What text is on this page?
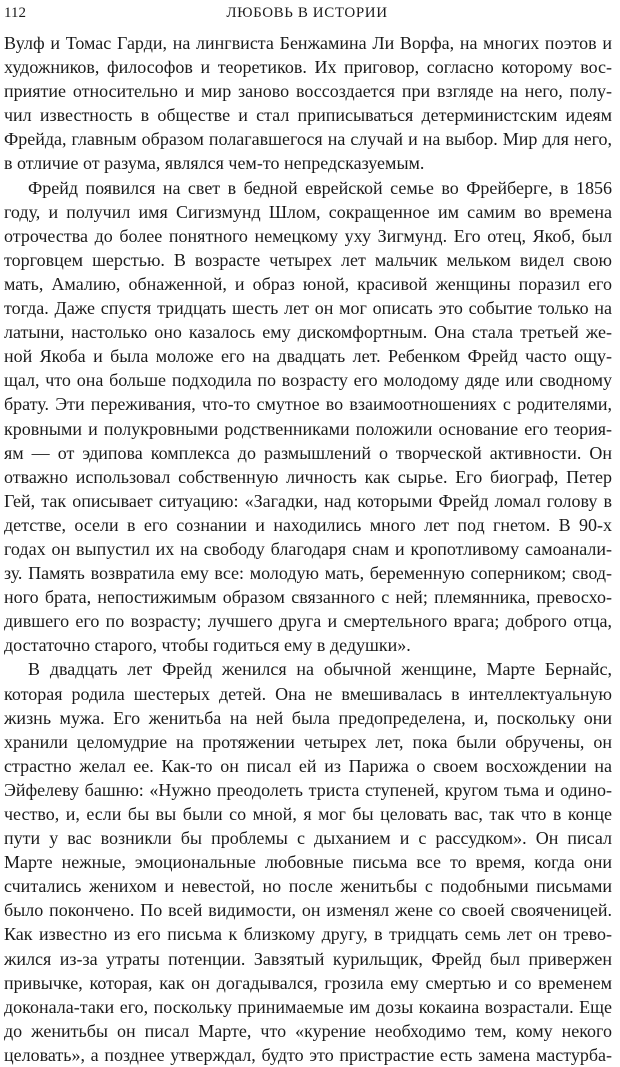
112	ЛЮБОВЬ В ИСТОРИИ
Вулф и Томас Гарди, на лингвиста Бенжамина Ли Ворфа, на многих поэтов и
художников, философов и теоретиков. Их приговор, согласно которому вос-
приятие относительно и мир заново воссоздается при взгляде на него, полу-
чил известность в обществе и стал приписываться детерминистским идеям
Фрейда, главным образом полагавшегося на случай и на выбор. Мир для него,
в отличие от разума, являлся чем-то непредсказуемым.
Фрейд появился на свет в бедной еврейской семье во Фрейберге, в 1856
году, и получил имя Сигизмунд Шлом, сокращенное им самим во времена
отрочества до более понятного немецкому уху Зигмунд. Его отец, Якоб, был
торговцем шерстью. В возрасте четырех лет мальчик мельком видел свою
мать, Амалию, обнаженной, и образ юной, красивой женщины поразил его
тогда. Даже спустя тридцать шесть лет он мог описать это событие только на
латыни, настолько оно казалось ему дискомфортным. Она стала третьей же-
ной Якоба и была моложе его на двадцать лет. Ребенком Фрейд часто ощу-
щал, что она больше подходила по возрасту его молодому дяде или сводному
брату. Эти переживания, что-то смутное во взаимоотношениях с родителями,
кровными и полукровными родственниками положили основание его теория-
ям — от эдипова комплекса до размышлений о творческой активности. Он
отважно использовал собственную личность как сырье. Его биограф, Петер
Гей, так описывает ситуацию: «Загадки, над которыми Фрейд ломал голову в
детстве, осели в его сознании и находились много лет под гнетом. В 90-х
годах он выпустил их на свободу благодаря снам и кропотливому самоанали-
зу. Память возвратила ему все: молодую мать, беременную соперником; свод-
ного брата, непостижимым образом связанного с ней; племянника, превосхо-
дившего его по возрасту; лучшего друга и смертельного врага; доброго отца,
достаточно старого, чтобы годиться ему в дедушки».
В двадцать лет Фрейд женился на обычной женщине, Марте Бернайс,
которая родила шестерых детей. Она не вмешивалась в интеллектуальную
жизнь мужа. Его женитьба на ней была предопределена, и, поскольку они
хранили целомудрие на протяжении четырех лет, пока были обручены, он
страстно желал ее. Как-то он писал ей из Парижа о своем восхождении на
Эйфелеву башню: «Нужно преодолеть триста ступеней, кругом тьма и одино-
чество, и, если бы вы были со мной, я мог бы целовать вас, так что в конце
пути у вас возникли бы проблемы с дыханием и с рассудком». Он писал
Марте нежные, эмоциональные любовные письма все то время, когда они
считались женихом и невестой, но после женитьбы с подобными письмами
было покончено. По всей видимости, он изменял жене со своей свояченицей.
Как известно из его письма к близкому другу, в тридцать семь лет он трево-
жился из-за утраты потенции. Завзятый курильщик, Фрейд был привержен
привычке, которая, как он догадывался, грозила ему смертью и со временем
доконала-таки его, поскольку принимаемые им дозы кокаина возрастали. Еще
до женитьбы он писал Марте, что «курение необходимо тем, кому некого
целовать», а позднее утверждал, будто это пристрастие есть замена мастурба-
